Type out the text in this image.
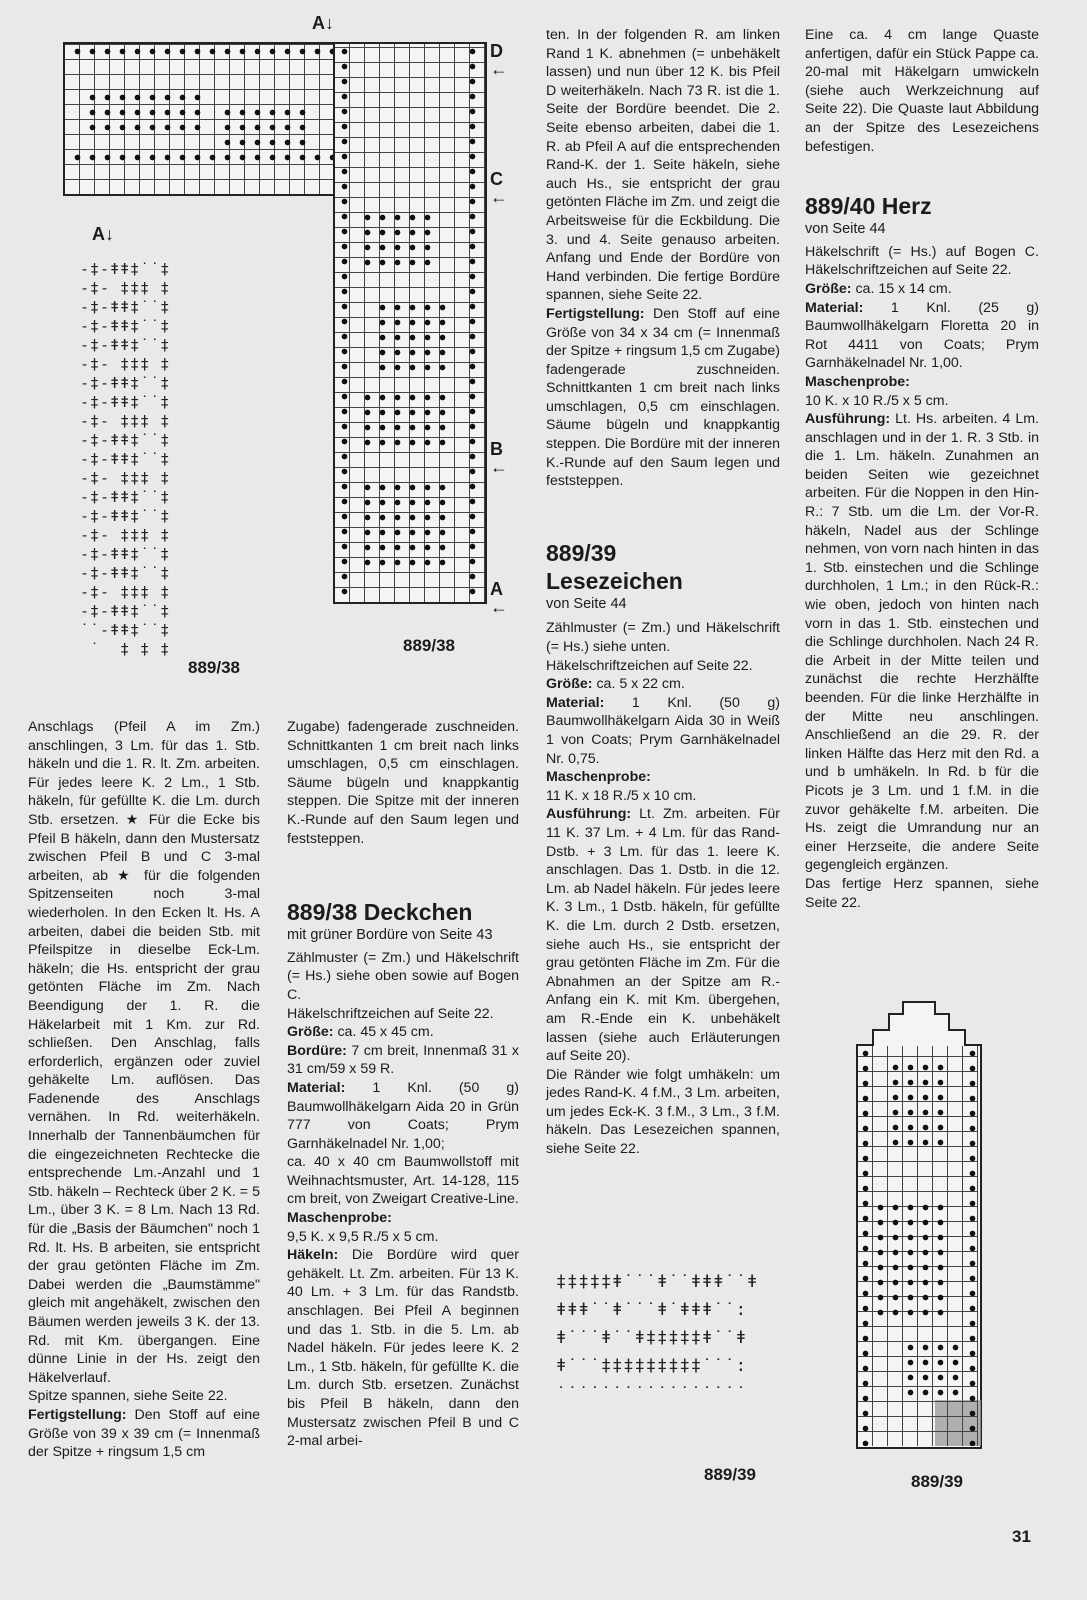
A↓
D
←
C
←
B
←
A
←
889/38
A↓
-‡-ǂǂ‡˙˙‡
-‡- ‡‡‡ ‡
-‡-ǂǂ‡˙˙‡
-‡-ǂǂ‡˙˙‡
-‡-ǂǂ‡˙˙‡
-‡- ‡‡‡ ‡
-‡-ǂǂ‡˙˙‡
-‡-ǂǂ‡˙˙‡
-‡- ‡‡‡ ‡
-‡-ǂǂ‡˙˙‡
-‡-ǂǂ‡˙˙‡
-‡- ‡‡‡ ‡
-‡-ǂǂ‡˙˙‡
-‡-ǂǂ‡˙˙‡
-‡- ‡‡‡ ‡
-‡-ǂǂ‡˙˙‡
-‡-ǂǂ‡˙˙‡
-‡- ‡‡‡ ‡
-‡-ǂǂ‡˙˙‡
˙˙-ǂǂ‡˙˙‡
˙  ‡ ‡ ‡
889/38

Anschlags (Pfeil A im Zm.) anschlingen, 3 Lm. für das 1. Stb. häkeln und die 1. R. lt. Zm. arbeiten. Für jedes leere K. 2 Lm., 1 Stb. häkeln, für gefüllte K. die Lm. durch Stb. ersetzen. ★ Für die Ecke bis Pfeil B häkeln, dann den Mustersatz zwischen Pfeil B und C 3-mal arbeiten, ab ★ für die folgenden Spitzenseiten noch 3-mal wiederholen. In den Ecken lt. Hs. A arbeiten, dabei die beiden Stb. mit Pfeilspitze in dieselbe Eck-Lm. häkeln; die Hs. entspricht der grau getönten Fläche im Zm. Nach Beendigung der 1. R. die Häkelarbeit mit 1 Km. zur Rd. schließen. Den Anschlag, falls erforderlich, ergänzen oder zuviel gehäkelte Lm. auflösen. Das Fadenende des Anschlags vernähen. In Rd. weiterhäkeln. Innerhalb der Tannenbäumchen für die eingezeichneten Rechtecke die entsprechende Lm.-Anzahl und 1 Stb. häkeln – Rechteck über 2 K. = 5 Lm., über 3 K. = 8 Lm. Nach 13 Rd. für die „Basis der Bäumchen" noch 1 Rd. lt. Hs. B arbeiten, sie entspricht der grau getönten Fläche im Zm. Dabei werden die „Baumstämme" gleich mit angehäkelt, zwischen den Bäumen werden jeweils 3 K. der 13. Rd. mit Km. übergangen. Eine dünne Linie in der Hs. zeigt den Häkelverlauf.

Spitze spannen, siehe Seite 22.

Fertigstellung: Den Stoff auf eine Größe von 39 x 39 cm (= Innenmaß der Spitze + ringsum 1,5 cm

Zugabe) fadengerade zuschneiden. Schnittkanten 1 cm breit nach links umschlagen, 0,5 cm einschlagen. Säume bügeln und knappkantig steppen. Die Spitze mit der inneren K.-Runde auf den Saum legen und feststeppen.

889/38 Deckchen

mit grüner Bordüre von Seite 43

Zählmuster (= Zm.) und Häkelschrift (= Hs.) siehe oben sowie auf Bogen C.

Häkelschriftzeichen auf Seite 22.

Größe: ca. 45 x 45 cm.

Bordüre: 7 cm breit, Innenmaß 31 x 31 cm/59 x 59 R.

Material: 1 Knl. (50 g) Baumwollhäkelgarn Aida 20 in Grün 777 von Coats; Prym Garnhäkelnadel Nr. 1,00;

ca. 40 x 40 cm Baumwollstoff mit Weihnachtsmuster, Art. 14-128, 115 cm breit, von Zweigart Creative-Line.

Maschenprobe:

9,5 K. x 9,5 R./5 x 5 cm.

Häkeln: Die Bordüre wird quer gehäkelt. Lt. Zm. arbeiten. Für 13 K. 40 Lm. + 3 Lm. für das Randstb. anschlagen. Bei Pfeil A beginnen und das 1. Stb. in die 5. Lm. ab Nadel häkeln. Für jedes leere K. 2 Lm., 1 Stb. häkeln, für gefüllte K. die Lm. durch Stb. ersetzen. Zunächst bis Pfeil B häkeln, dann den Mustersatz zwischen Pfeil B und C 2-mal arbei-

ten. In der folgenden R. am linken Rand 1 K. abnehmen (= unbehäkelt lassen) und nun über 12 K. bis Pfeil D weiterhäkeln. Nach 73 R. ist die 1. Seite der Bordüre beendet. Die 2. Seite ebenso arbeiten, dabei die 1. R. ab Pfeil A auf die entsprechenden Rand-K. der 1. Seite häkeln, siehe auch Hs., sie entspricht der grau getönten Fläche im Zm. und zeigt die Arbeitsweise für die Eckbildung. Die 3. und 4. Seite genauso arbeiten. Anfang und Ende der Bordüre von Hand verbinden. Die fertige Bordüre spannen, siehe Seite 22.

Fertigstellung: Den Stoff auf eine Größe von 34 x 34 cm (= Innenmaß der Spitze + ringsum 1,5 cm Zugabe) fadengerade zuschneiden. Schnittkanten 1 cm breit nach links umschlagen, 0,5 cm einschlagen. Säume bügeln und knappkantig steppen. Die Bordüre mit der inneren K.-Runde auf den Saum legen und feststeppen.

889/39

Lesezeichen

von Seite 44

Zählmuster (= Zm.) und Häkelschrift (= Hs.) siehe unten.

Häkelschriftzeichen auf Seite 22.

Größe: ca. 5 x 22 cm.

Material: 1 Knl. (50 g) Baumwollhäkelgarn Aida 30 in Weiß 1 von Coats; Prym Garnhäkelnadel Nr. 0,75.

Maschenprobe:

11 K. x 18 R./5 x 10 cm.

Ausführung: Lt. Zm. arbeiten. Für 11 K. 37 Lm. + 4 Lm. für das Rand-Dstb. + 3 Lm. für das 1. leere K. anschlagen. Das 1. Dstb. in die 12. Lm. ab Nadel häkeln. Für jedes leere K. 3 Lm., 1 Dstb. häkeln, für gefüllte K. die Lm. durch 2 Dstb. ersetzen, siehe auch Hs., sie entspricht der grau getönten Fläche im Zm. Für die Abnahmen an der Spitze am R.-Anfang ein K. mit Km. übergehen, am R.-Ende ein K. unbehäkelt lassen (siehe auch Erläuterungen auf Seite 20).

Die Ränder wie folgt umhäkeln: um jedes Rand-K. 4 f.M., 3 Lm. arbeiten, um jedes Eck-K. 3 f.M., 3 Lm., 3 f.M. häkeln. Das Lesezeichen spannen, siehe Seite 22.

‡‡‡‡‡ǂ˙˙˙ǂ˙˙ǂǂǂ˙˙ǂ
ǂǂǂ˙˙ǂ˙˙˙ǂ˙ǂǂǂ˙˙:
ǂ˙˙˙ǂ˙˙ǂ‡‡‡‡‡ǂ˙˙ǂ
ǂ˙˙˙‡‡‡‡‡‡‡‡‡˙˙˙:
˙˙˙˙˙˙˙˙˙˙˙˙˙˙˙˙˙
889/39

Eine ca. 4 cm lange Quaste anfertigen, dafür ein Stück Pappe ca. 20-mal mit Häkelgarn umwickeln (siehe auch Werkzeichnung auf Seite 22). Die Quaste laut Abbildung an der Spitze des Lesezeichens befestigen.

889/40 Herz

von Seite 44

Häkelschrift (= Hs.) auf Bogen C. Häkelschriftzeichen auf Seite 22.

Größe: ca. 15 x 14 cm.

Material: 1 Knl. (25 g) Baumwollhäkelgarn Floretta 20 in Rot 4411 von Coats; Prym Garnhäkelnadel Nr. 1,00.

Maschenprobe:

10 K. x 10 R./5 x 5 cm.

Ausführung: Lt. Hs. arbeiten. 4 Lm. anschlagen und in der 1. R. 3 Stb. in die 1. Lm. häkeln. Zunahmen an beiden Seiten wie gezeichnet arbeiten. Für die Noppen in den Hin-R.: 7 Stb. um die Lm. der Vor-R. häkeln, Nadel aus der Schlinge nehmen, von vorn nach hinten in das 1. Stb. einstechen und die Schlinge durchholen, 1 Lm.; in den Rück-R.: wie oben, jedoch von hinten nach vorn in das 1. Stb. einstechen und die Schlinge durchholen. Nach 24 R. die Arbeit in der Mitte teilen und zunächst die rechte Herzhälfte beenden. Für die linke Herzhälfte in der Mitte neu anschlingen. Anschließend an die 29. R. der linken Hälfte das Herz mit den Rd. a und b umhäkeln. In Rd. b für die Picots je 3 Lm. und 1 f.M. in die zuvor gehäkelte f.M. arbeiten. Die Hs. zeigt die Umrandung nur an einer Herzseite, die andere Seite gegengleich ergänzen.

Das fertige Herz spannen, siehe Seite 22.

889/39
31
